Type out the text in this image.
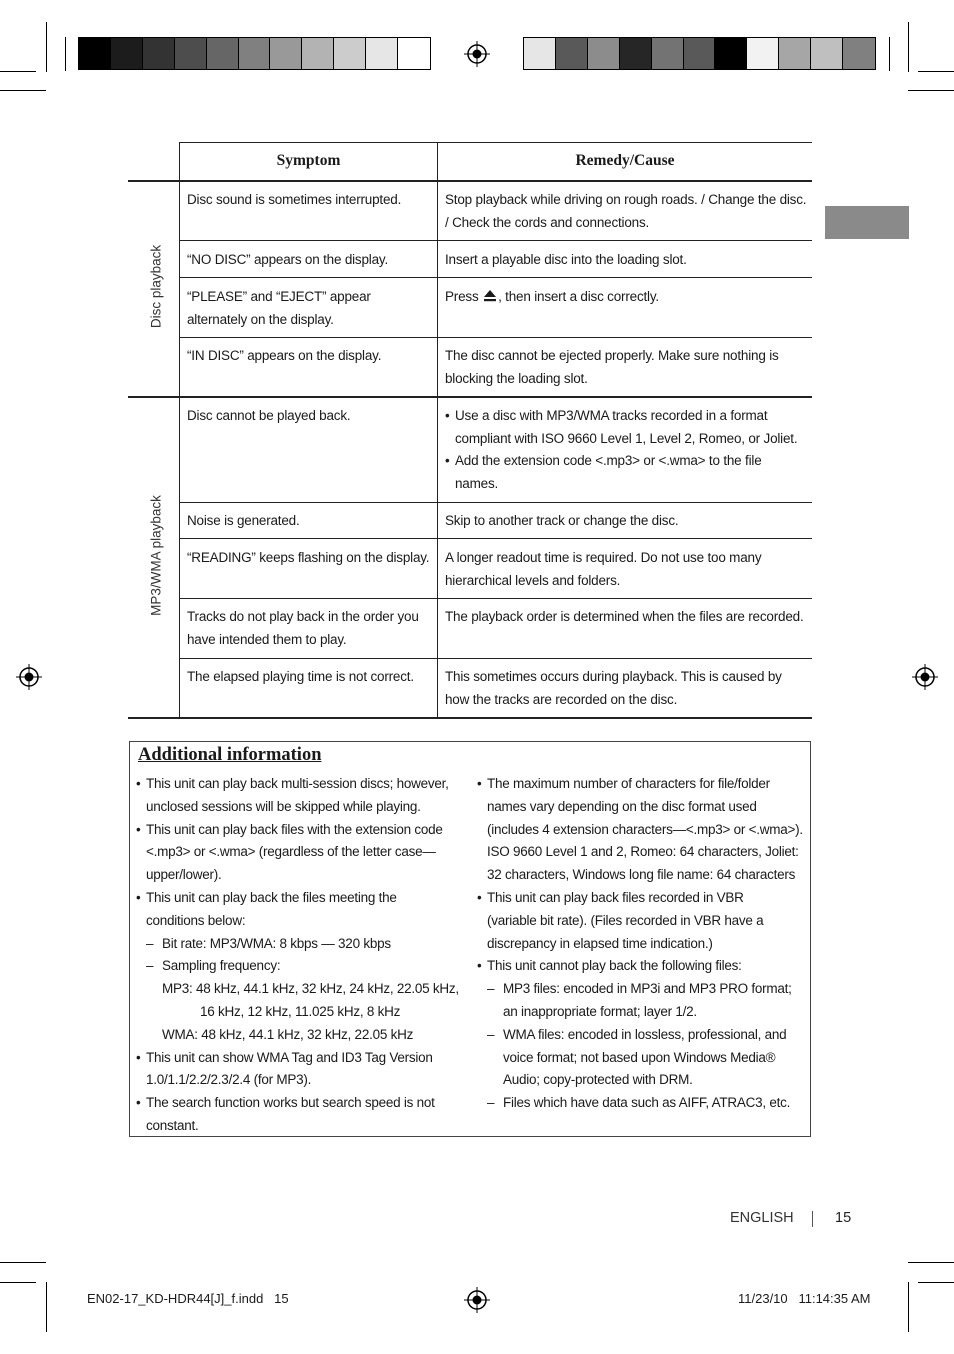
Symptom	Remedy/Cause
Disc playback
MP3/WMA playback
Disc sound is sometimes interrupted.	Stop playback while driving on rough roads. / Change the disc. / Check the cords and connections.
“NO DISC” appears on the display.	Insert a playable disc into the loading slot.
“PLEASE” and “EJECT” appear alternately on the display.
Press , then insert a disc correctly.
“IN DISC” appears on the display.	The disc cannot be ejected properly. Make sure nothing is blocking the loading slot.
Disc cannot be played back.
•	Use a disc with MP3/WMA tracks recorded in a format compliant with ISO 9660 Level 1, Level 2, Romeo, or Joliet.
• Add the extension code <.mp3> or <.wma> to the file names.
Noise is generated.	Skip to another track or change the disc.
“READING” keeps flashing on the display. A longer readout time is required. Do not use too many hierarchical levels and folders.
Tracks do not play back in the order you have intended them to play.
The playback order is determined when the files are recorded.
The elapsed playing time is not correct.	This sometimes occurs during playback. This is caused by how the tracks are recorded on the disc.
Additional information
• This unit can play back multi-session discs; however, unclosed sessions will be skipped while playing.
• This unit can play back files with the extension code <.mp3> or <.wma> (regardless of the letter case—upper/lower).
• This unit can play back the files meeting the conditions below:
– Bit rate: MP3/WMA: 8 kbps — 320 kbps
– Sampling frequency:
MP3: 48 kHz, 44.1 kHz, 32 kHz, 24 kHz, 22.05 kHz,
16 kHz, 12 kHz, 11.025 kHz, 8 kHz
WMA: 48 kHz, 44.1 kHz, 32 kHz, 22.05 kHz
• This unit can show WMA Tag and ID3 Tag Version 1.0/1.1/2.2/2.3/2.4 (for MP3).
• The search function works but search speed is not constant.
• The maximum number of characters for file/folder names vary depending on the disc format used (includes 4 extension characters—<.mp3> or <.wma>).
ISO 9660 Level 1 and 2, Romeo: 64 characters, Joliet: 32 characters, Windows long file name: 64 characters
• This unit can play back files recorded in VBR (variable bit rate). (Files recorded in VBR have a discrepancy in elapsed time indication.)
• This unit cannot play back the following files:
– MP3 files: encoded in MP3i and MP3 PRO format; an inappropriate format; layer 1/2.
– WMA files: encoded in lossless, professional, and voice format; not based upon Windows Media® Audio; copy-protected with DRM.
– Files which have data such as AIFF, ATRAC3, etc.
ENGLISH	15
EN02-17_KD-HDR44[J]_f.indd   15	11/23/10   11:14:35 AM
